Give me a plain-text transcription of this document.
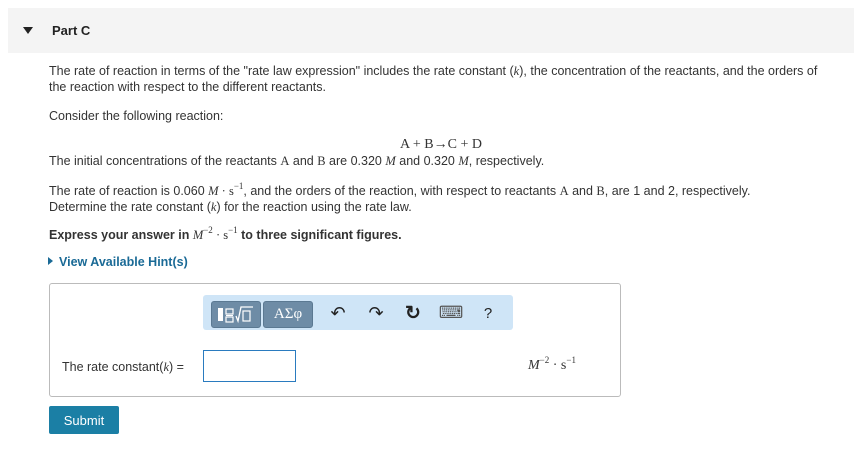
Part C
The rate of reaction in terms of the "rate law expression" includes the rate constant (k), the concentration of the reactants, and the orders of
the reaction with respect to the different reactants.
Consider the following reaction:
A + B→C + D
The initial concentrations of the reactants A and B are 0.320 M and 0.320 M, respectively.
The rate of reaction is 0.060 $M \cdot s^{-1}$, and the orders of the reaction, with respect to reactants A and B, are 1 and 2, respectively.
Determine the rate constant (k) for the reaction using the rate law.
Express your answer in $M^{-2} \cdot s^{-1}$ to three significant figures.
View Available Hint(s)
ΑΣφ	↶ ↷ ↻ ⌨	?
The rate constant(k) =	$M^{-2} \cdot s^{-1}$
Submit
